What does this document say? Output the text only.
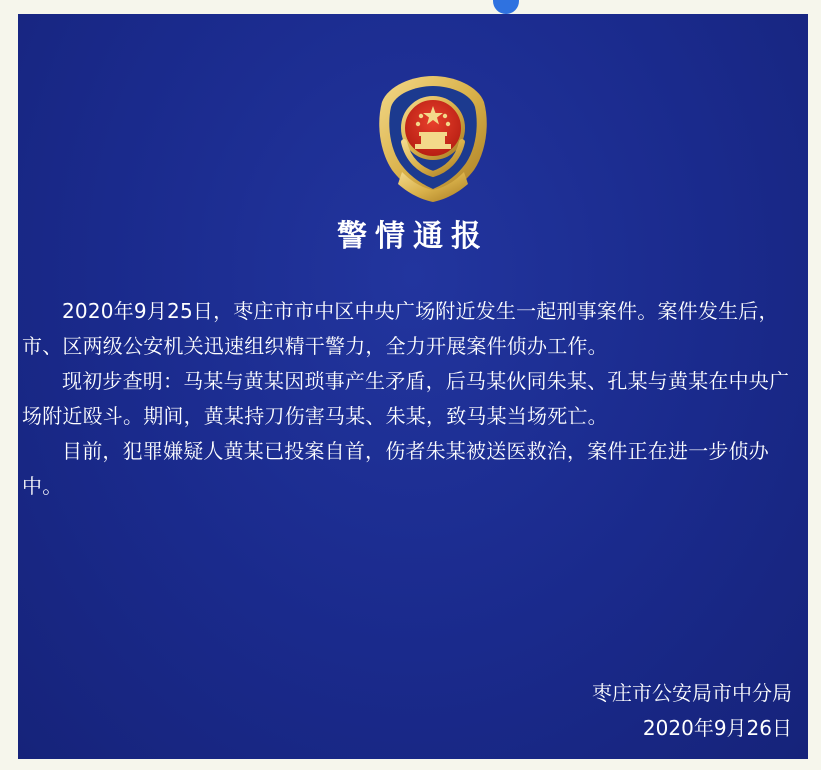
警情通报

2020年9月25日，枣庄市市中区中央广场附近发生一起刑事案件。案件发生后，市、区两级公安机关迅速组织精干警力，全力开展案件侦办工作。

现初步查明：马某与黄某因琐事产生矛盾，后马某伙同朱某、孔某与黄某在中央广场附近殴斗。期间，黄某持刀伤害马某、朱某，致马某当场死亡。

目前，犯罪嫌疑人黄某已投案自首，伤者朱某被送医救治，案件正在进一步侦办中。

枣庄市公安局市中分局
2020年9月26日
